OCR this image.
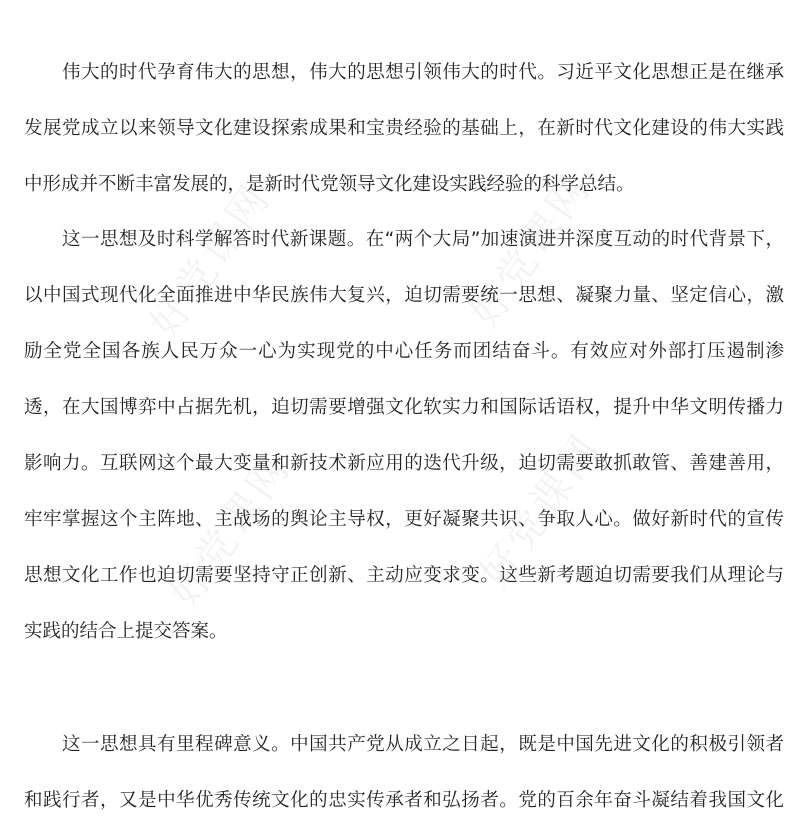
伟大的时代孕育伟大的思想，伟大的思想引领伟大的时代。习近平文化思想正是在继承
发展党成立以来领导文化建设探索成果和宝贵经验的基础上，在新时代文化建设的伟大实践
中形成并不断丰富发展的，是新时代党领导文化建设实践经验的科学总结。
这一思想及时科学解答时代新课题。在“两个大局”加速演进并深度互动的时代背景下，
以中国式现代化全面推进中华民族伟大复兴，迫切需要统一思想、凝聚力量、坚定信心，激
励全党全国各族人民万众一心为实现党的中心任务而团结奋斗。有效应对外部打压遏制渗
透，在大国博弈中占据先机，迫切需要增强文化软实力和国际话语权，提升中华文明传播力
影响力。互联网这个最大变量和新技术新应用的迭代升级，迫切需要敢抓敢管、善建善用，
牢牢掌握这个主阵地、主战场的舆论主导权，更好凝聚共识、争取人心。做好新时代的宣传
思想文化工作也迫切需要坚持守正创新、主动应变求变。这些新考题迫切需要我们从理论与
实践的结合上提交答案。
这一思想具有里程碑意义。中国共产党从成立之日起，既是中国先进文化的积极引领者
和践行者，又是中华优秀传统文化的忠实传承者和弘扬者。党的百余年奋斗凝结着我国文化
好党课网	好党课网
好党课网	好党课网
